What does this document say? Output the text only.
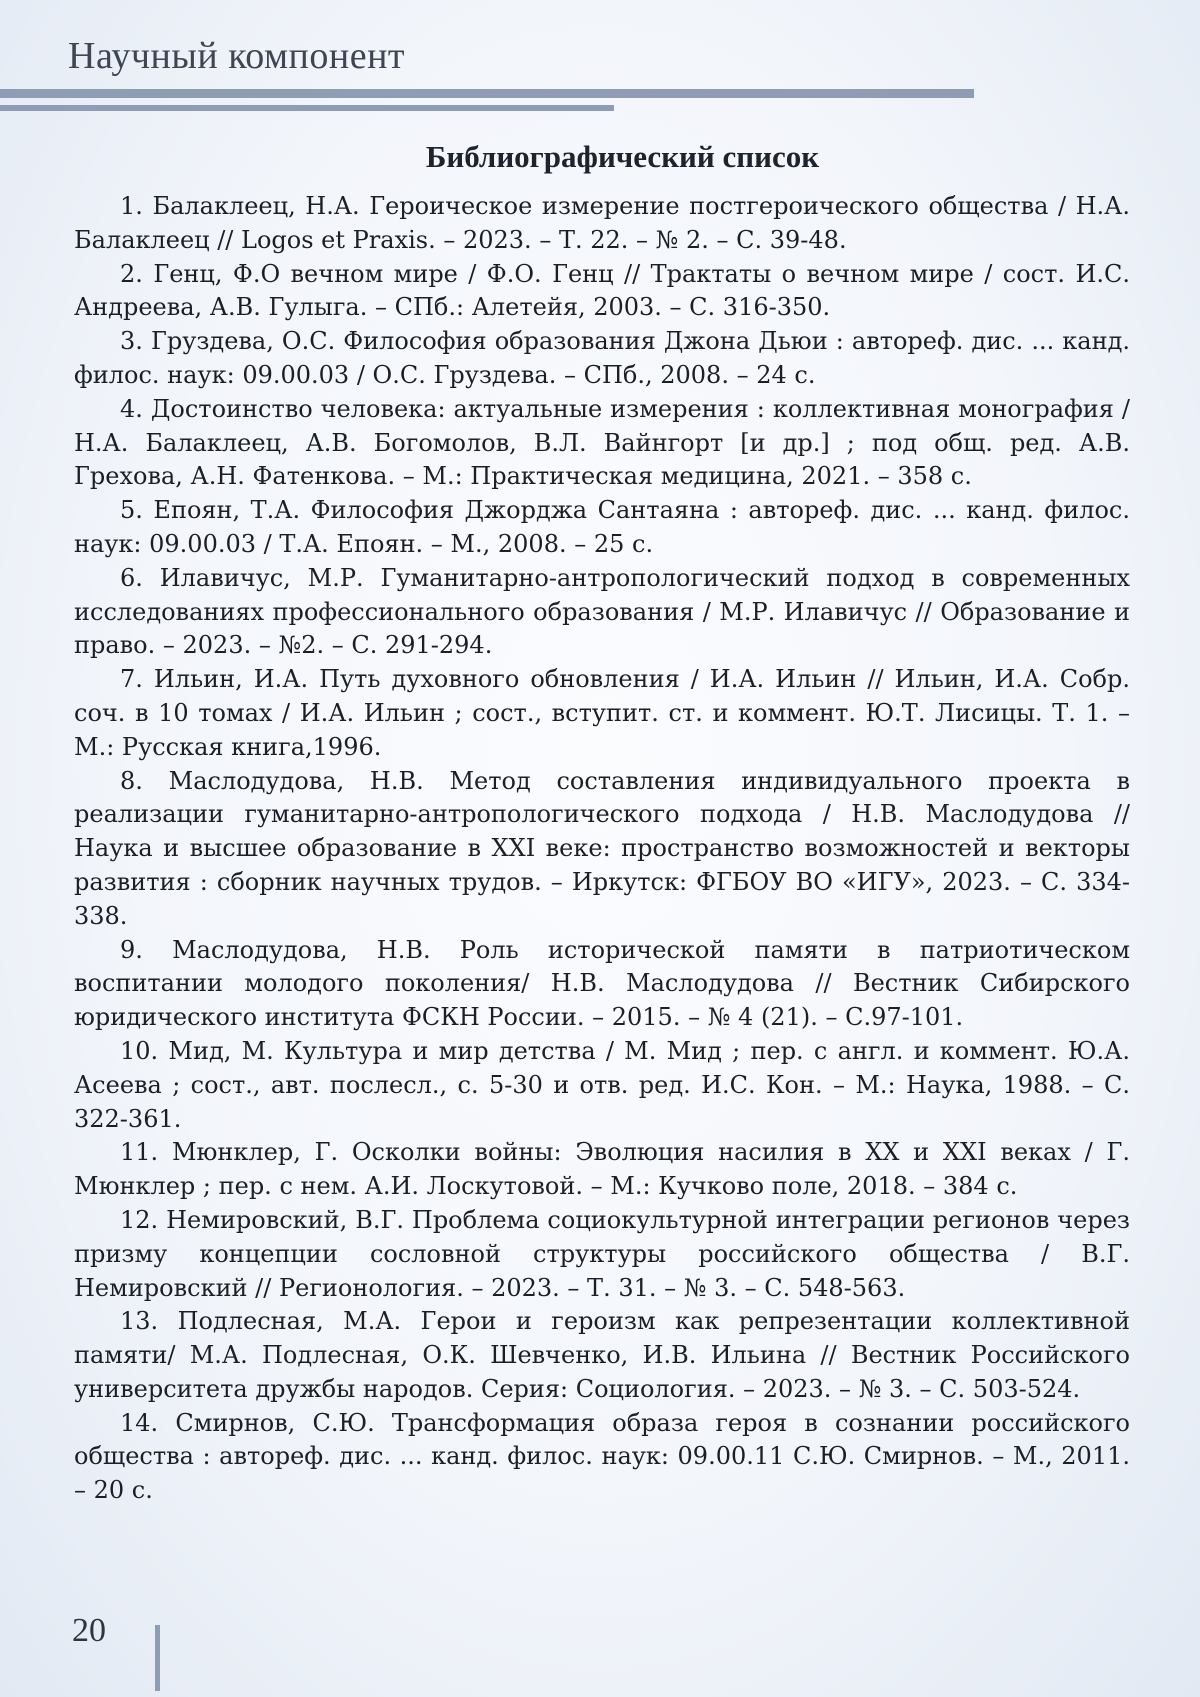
Научный компонент
Библиографический список

1. Балаклеец, Н.А. Героическое измерение постгероического общества / Н.А. Балаклеец // Logos et Praxis. – 2023. – Т. 22. – № 2. – С. 39-48.

2. Генц, Ф.О вечном мире / Ф.О. Генц // Трактаты о вечном мире / сост. И.С. Андреева, А.В. Гулыга. – СПб.: Алетейя, 2003. – С. 316-350.

3. Груздева, О.С. Философия образования Джона Дьюи : автореф. дис. ... канд. филос. наук: 09.00.03 / О.С. Груздева. – СПб., 2008. – 24 с.

4. Достоинство человека: актуальные измерения : коллективная монография / Н.А. Балаклеец, А.В. Богомолов, В.Л. Вайнгорт [и др.] ; под общ. ред. А.В. Грехова, А.Н. Фатенкова. – М.: Практическая медицина, 2021. – 358 с.

5. Епоян, Т.А. Философия Джорджа Сантаяна : автореф. дис. ... канд. филос. наук: 09.00.03 / Т.А. Епоян. – М., 2008. – 25 с.

6. Илавичус, М.Р. Гуманитарно-антропологический подход в современных исследованиях профессионального образования / М.Р. Илавичус // Образование и право. – 2023. – №2. – С. 291-294.

7. Ильин, И.А. Путь духовного обновления / И.А. Ильин // Ильин, И.А. Собр. соч. в 10 томах / И.А. Ильин ; сост., вступит. ст. и коммент. Ю.Т. Лисицы. Т. 1. – М.: Русская книга,1996.

8. Маслодудова, Н.В. Метод составления индивидуального проекта в реализации гуманитарно-антропологического подхода / Н.В. Маслодудова // Наука и высшее образование в XXI веке: пространство возможностей и векторы развития : сборник научных трудов. – Иркутск: ФГБОУ ВО «ИГУ», 2023. – С. 334-338.

9. Маслодудова, Н.В. Роль исторической памяти в патриотическом воспитании молодого поколения/ Н.В. Маслодудова // Вестник Сибирского юридического института ФСКН России. – 2015. – № 4 (21). – С.97-101.

10. Мид, М. Культура и мир детства / М. Мид ; пер. с англ. и коммент. Ю.А. Асеева ; сост., авт. послесл., с. 5-30 и отв. ред. И.С. Кон. – М.: Наука, 1988. – С. 322-361.

11. Мюнклер, Г. Осколки войны: Эволюция насилия в XX и XXI веках / Г. Мюнклер ; пер. с нем. А.И. Лоскутовой. – М.: Кучково поле, 2018. – 384 с.

12. Немировский, В.Г. Проблема социокультурной интеграции регионов через призму концепции сословной структуры российского общества / В.Г. Немировский // Регионология. – 2023. – Т. 31. – № 3. – С. 548-563.

13. Подлесная, М.А. Герои и героизм как репрезентации коллективной памяти/ М.А. Подлесная, О.К. Шевченко, И.В. Ильина // Вестник Российского университета дружбы народов. Серия: Социология. – 2023. – № 3. – С. 503-524.

14. Смирнов, С.Ю. Трансформация образа героя в сознании российского общества : автореф. дис. ... канд. филос. наук: 09.00.11 С.Ю. Смирнов. – М., 2011. – 20 с.

20
